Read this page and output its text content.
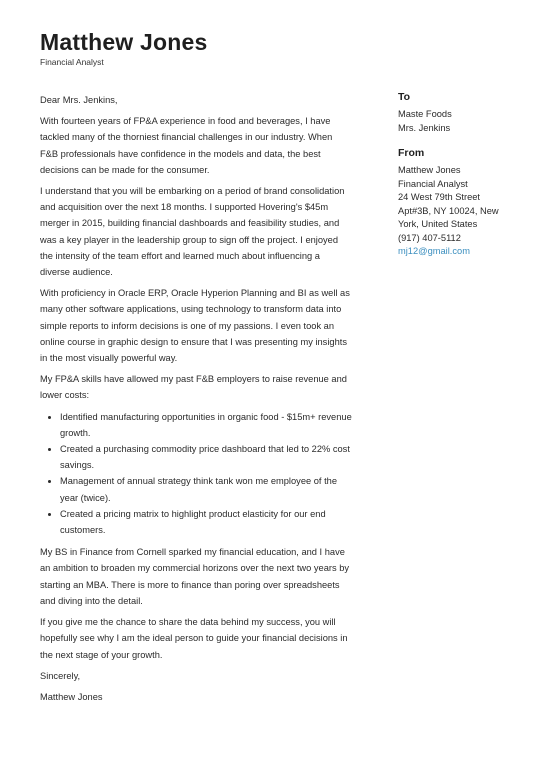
Matthew Jones
Financial Analyst

Dear Mrs. Jenkins,

With fourteen years of FP&A experience in food and beverages, I have tackled many of the thorniest financial challenges in our industry. When F&B professionals have confidence in the models and data, the best decisions can be made for the consumer.

I understand that you will be embarking on a period of brand consolidation and acquisition over the next 18 months. I supported Hovering's $45m merger in 2015, building financial dashboards and feasibility studies, and was a key player in the leadership group to sign off the project. I enjoyed the intensity of the team effort and learned much about influencing a diverse audience.

With proficiency in Oracle ERP, Oracle Hyperion Planning and BI as well as many other software applications, using technology to transform data into simple reports to inform decisions is one of my passions. I even took an online course in graphic design to ensure that I was presenting my insights in the most visually powerful way.

My FP&A skills have allowed my past F&B employers to raise revenue and lower costs:

• Identified manufacturing opportunities in organic food - $15m+ revenue growth.
• Created a purchasing commodity price dashboard that led to 22% cost savings.
• Management of annual strategy think tank won me employee of the year (twice).
• Created a pricing matrix to highlight product elasticity for our end customers.

My BS in Finance from Cornell sparked my financial education, and I have an ambition to broaden my commercial horizons over the next two years by starting an MBA. There is more to finance than poring over spreadsheets and diving into the detail.

If you give me the chance to share the data behind my success, you will hopefully see why I am the ideal person to guide your financial decisions in the next stage of your growth.

Sincerely,

Matthew Jones

To
Maste Foods
Mrs. Jenkins
From
Matthew Jones
Financial Analyst
24 West 79th Street
Apt#3B, NY 10024, New York, United States
(917) 407-5112
mj12@gmail.com
